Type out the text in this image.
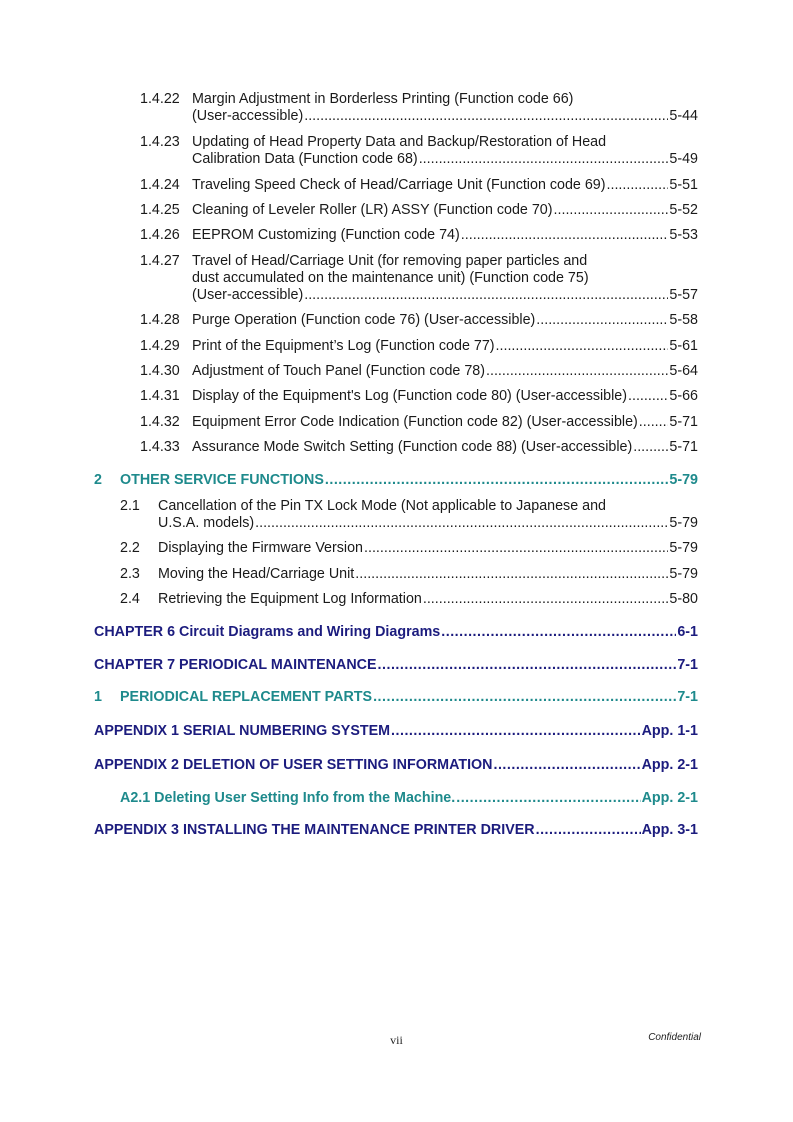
1.4.22 Margin Adjustment in Borderless Printing (Function code 66)
(User-accessible) .....	5-44
1.4.23 Updating of Head Property Data and Backup/Restoration of Head
Calibration Data (Function code 68) .....	5-49
1.4.24 Traveling Speed Check of Head/Carriage Unit (Function code 69) .....	5-51
1.4.25 Cleaning of Leveler Roller (LR) ASSY (Function code 70) .....	5-52
1.4.26 EEPROM Customizing (Function code 74) .....	5-53
1.4.27 Travel of Head/Carriage Unit (for removing paper particles and
dust accumulated on the maintenance unit) (Function code 75)
(User-accessible) .....	5-57
1.4.28 Purge Operation (Function code 76) (User-accessible) .....	5-58
1.4.29 Print of the Equipment’s Log (Function code 77) .....	5-61
1.4.30 Adjustment of Touch Panel (Function code 78) .....	5-64
1.4.31 Display of the Equipment's Log (Function code 80) (User-accessible) .....	5-66
1.4.32 Equipment Error Code Indication (Function code 82) (User-accessible) ..... 5-71
1.4.33 Assurance Mode Switch Setting (Function code 88) (User-accessible) .....	5-71
2 OTHER SERVICE FUNCTIONS .....	5-79
2.1 Cancellation of the Pin TX Lock Mode (Not applicable to Japanese and
U.S.A. models) .....	5-79
2.2 Displaying the Firmware Version .....	5-79
2.3 Moving the Head/Carriage Unit .....	5-79
2.4 Retrieving the Equipment Log Information .....	5-80
CHAPTER 6 Circuit Diagrams and Wiring Diagrams .....	6-1
CHAPTER 7 PERIODICAL MAINTENANCE .....	7-1
1 PERIODICAL REPLACEMENT PARTS .....	7-1
APPENDIX 1 SERIAL NUMBERING SYSTEM .....	App. 1-1
APPENDIX 2 DELETION OF USER SETTING INFORMATION .....	App. 2-1
A2.1 Deleting User Setting Info from the Machine. .....	App. 2-1
APPENDIX 3 INSTALLING THE MAINTENANCE PRINTER DRIVER .....	App. 3-1
vii	Confidential
